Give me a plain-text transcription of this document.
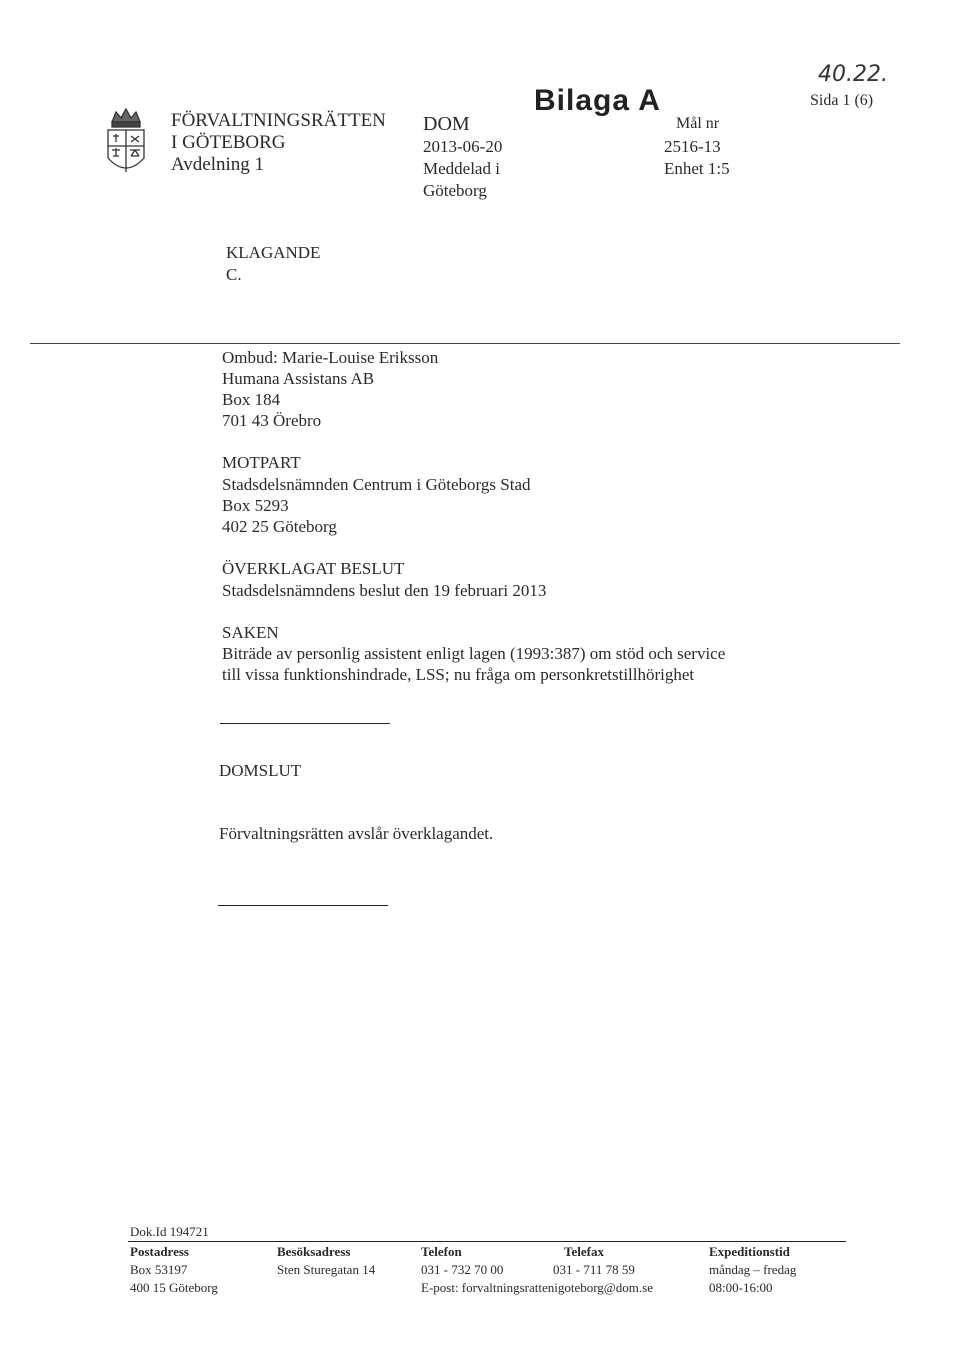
FÖRVALTNINGSRÄTTEN
I GÖTEBORG
Avdelning 1
DOM
2013-06-20
Meddelad i
Göteborg
Bilaga A
Mål nr
2516-13
Enhet 1:5
40.22.
Sida 1 (6)
KLAGANDE
C.
Ombud: Marie-Louise Eriksson
Humana Assistans AB
Box 184
701 43 Örebro
MOTPART
Stadsdelsnämnden Centrum i Göteborgs Stad
Box 5293
402 25 Göteborg
ÖVERKLAGAT BESLUT
Stadsdelsnämndens beslut den 19 februari 2013
SAKEN
Biträde av personlig assistent enligt lagen (1993:387) om stöd och service
till vissa funktionshindrade, LSS; nu fråga om personkretstillhörighet
DOMSLUT
Förvaltningsrätten avslår överklagandet.
Dok.Id 194721
Postadress
Box 53197
400 15 Göteborg
Besöksadress
Sten Sturegatan 14
Telefon
031 - 732 70 00
E-post: forvaltningsrattenigoteborg@dom.se
Telefax
031 - 711 78 59
Expeditionstid
måndag – fredag
08:00-16:00
